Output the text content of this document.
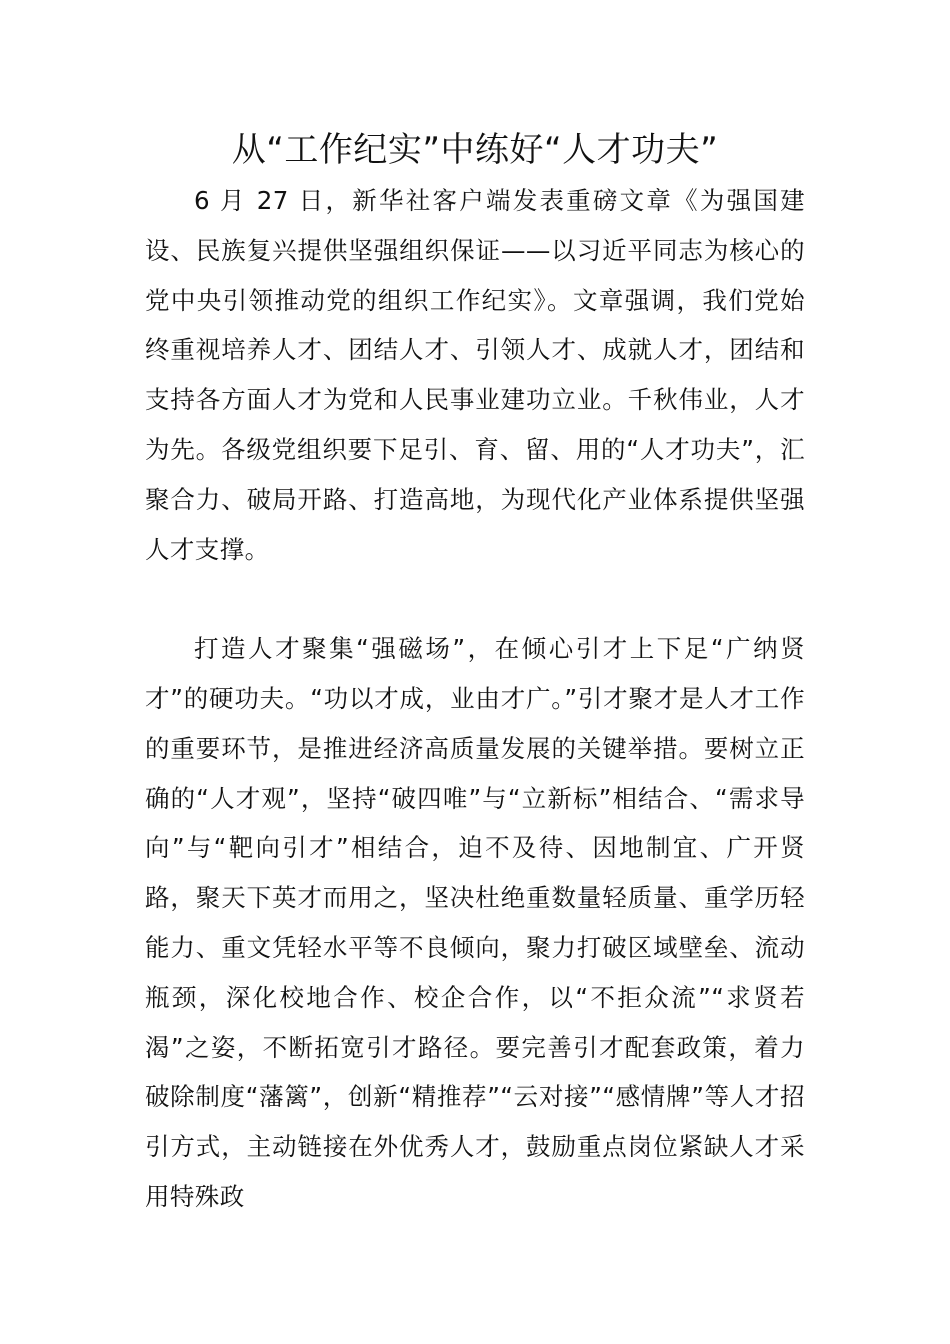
从“工作纪实”中练好“人才功夫”

6 月 27 日，新华社客户端发表重磅文章《为强国建设、民族复兴提供坚强组织保证——以习近平同志为核心的党中央引领推动党的组织工作纪实》。文章强调，我们党始终重视培养人才、团结人才、引领人才、成就人才，团结和支持各方面人才为党和人民事业建功立业。千秋伟业，人才为先。各级党组织要下足引、育、留、用的“人才功夫”，汇聚合力、破局开路、打造高地，为现代化产业体系提供坚强人才支撑。

打造人才聚集“强磁场”，在倾心引才上下足“广纳贤才”的硬功夫。“功以才成，业由才广。”引才聚才是人才工作的重要环节，是推进经济高质量发展的关键举措。要树立正确的“人才观”，坚持“破四唯”与“立新标”相结合、“需求导向”与“靶向引才”相结合，迫不及待、因地制宜、广开贤路，聚天下英才而用之，坚决杜绝重数量轻质量、重学历轻能力、重文凭轻水平等不良倾向，聚力打破区域壁垒、流动瓶颈，深化校地合作、校企合作，以“不拒众流”“求贤若渴”之姿，不断拓宽引才路径。要完善引才配套政策，着力破除制度“藩篱”，创新“精推荐”“云对接”“感情牌”等人才招引方式，主动链接在外优秀人才，鼓励重点岗位紧缺人才采用特殊政
